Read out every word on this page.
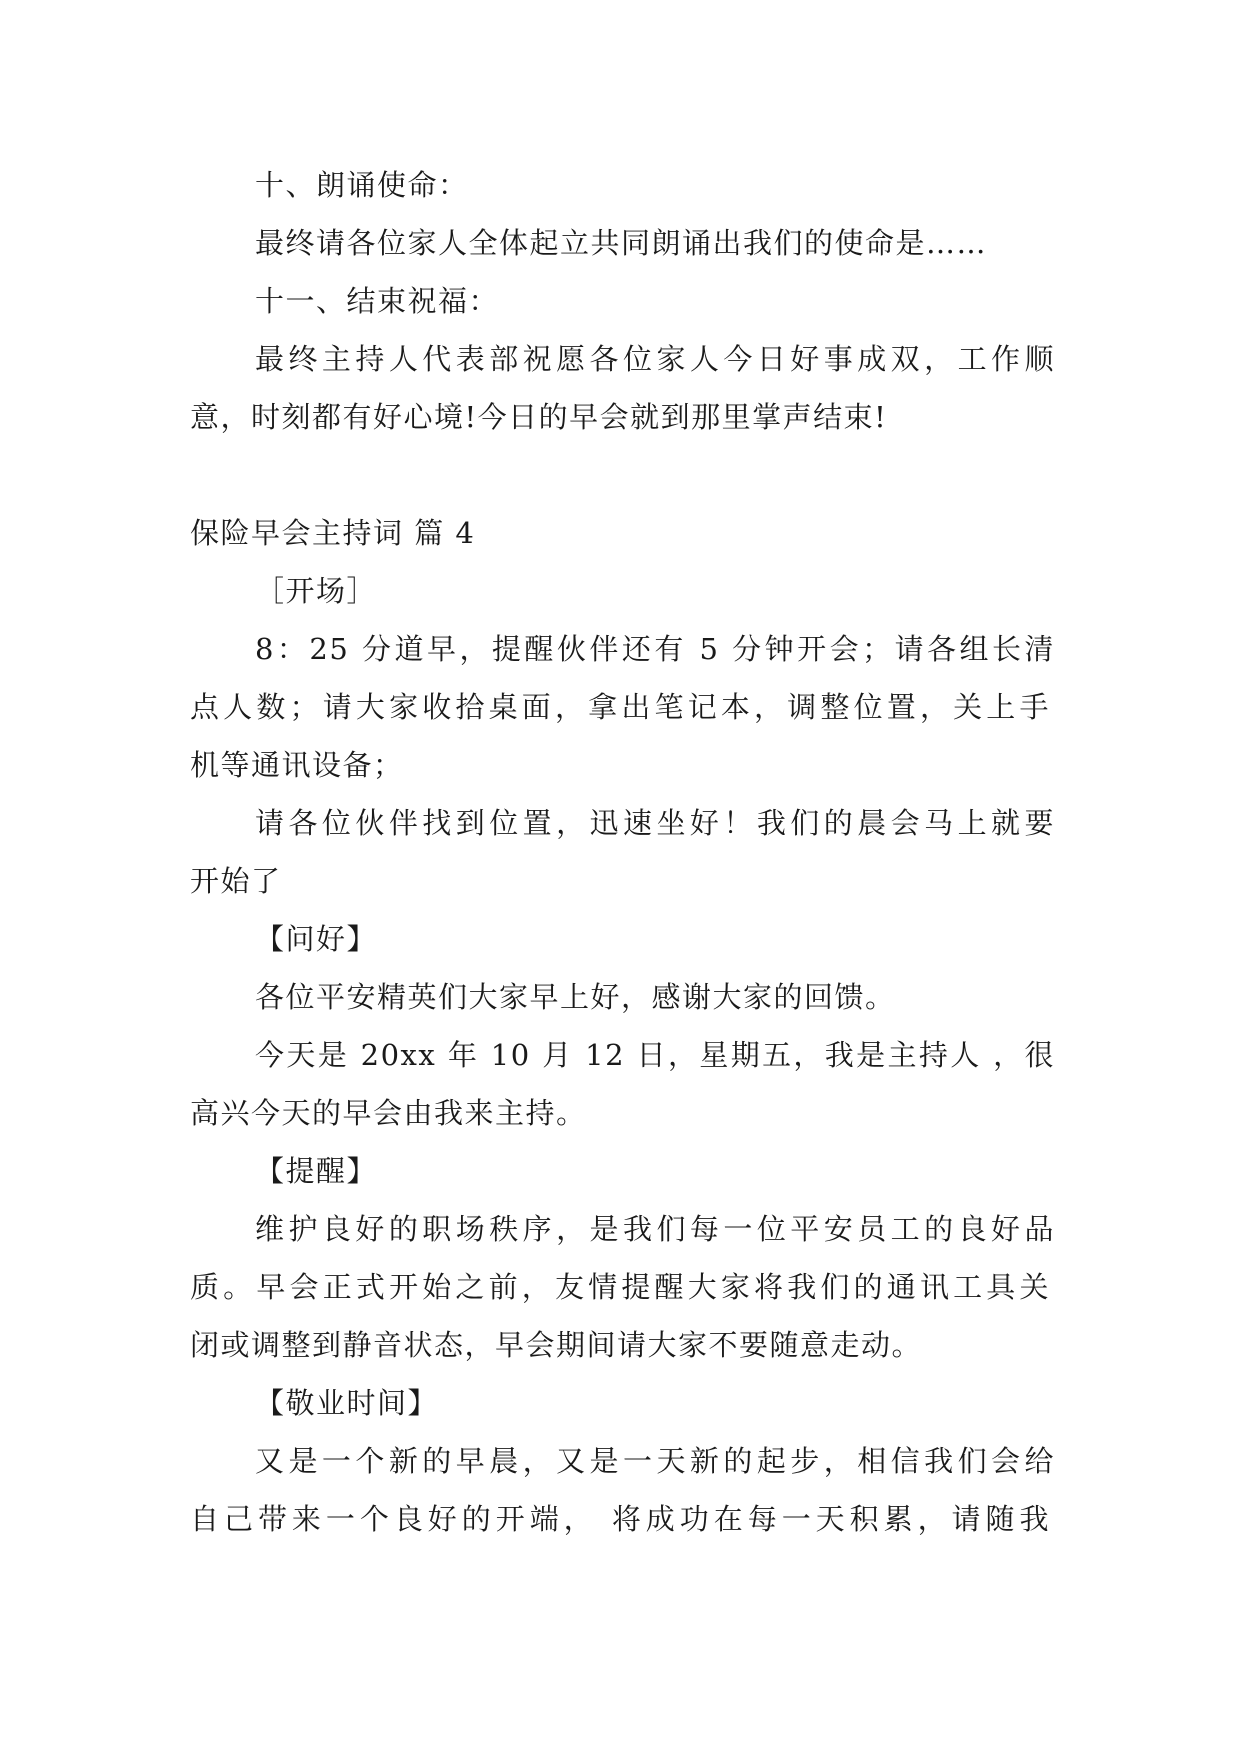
十、朗诵使命：
最终请各位家人全体起立共同朗诵出我们的使命是……
十一、结束祝福：
最终主持人代表部祝愿各位家人今日好事成双，工作顺
意，时刻都有好心境!今日的早会就到那里掌声结束!
保险早会主持词 篇 4
［开场］
8：25 分道早，提醒伙伴还有 5 分钟开会；请各组长清
点人数；请大家收拾桌面，拿出笔记本，调整位置，关上手
机等通讯设备；
请各位伙伴找到位置，迅速坐好！我们的晨会马上就要
开始了
【问好】
各位平安精英们大家早上好，感谢大家的回馈。
今天是 20xx 年 10 月 12 日，星期五，我是主持人 ，很
高兴今天的早会由我来主持。
【提醒】
维护良好的职场秩序，是我们每一位平安员工的良好品
质。早会正式开始之前，友情提醒大家将我们的通讯工具关
闭或调整到静音状态，早会期间请大家不要随意走动。
【敬业时间】
又是一个新的早晨，又是一天新的起步，相信我们会给
自己带来一个良好的开端， 将成功在每一天积累，请随我
